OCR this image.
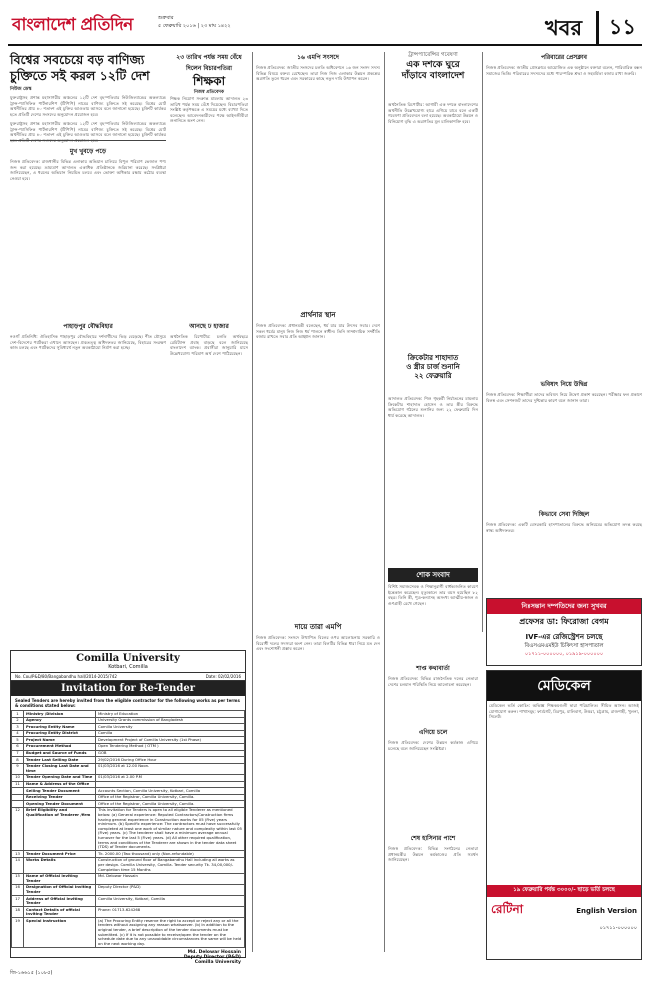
বাংলাদেশ প্রতিদিন	শুক্রবার
৫ ফেব্রুয়ারি ২০১৬ | ২৩ মাঘ ১৪২২	খবর	১১
বিশ্বের সবচেয়ে বড় বাণিজ্য
চুক্তিতে সই করল ১২টি দেশ
নিউজ ডেস্ক
যুক্তরাষ্ট্রসহ প্রশান্ত মহাসাগরীয় অঞ্চলের ১২টি দেশ বৃহস্পতিবার নিউজিল্যান্ডের অকল্যান্ডে ট্রান্স-প্যাসিফিক পার্টনারশিপ (টিপিপি) নামের বাণিজ্য চুক্তিতে সই করেছে। বিশ্বের মোট অর্থনীতির প্রায় ৪০ শতাংশ এই চুক্তির আওতায় আসবে বলে জানানো হয়েছে। চুক্তিটি কার্যকর হতে প্রতিটি দেশের সংসদের অনুমোদন প্রয়োজন হবে।
যুক্তরাষ্ট্রসহ প্রশান্ত মহাসাগরীয় অঞ্চলের ১২টি দেশ বৃহস্পতিবার নিউজিল্যান্ডের অকল্যান্ডে ট্রান্স-প্যাসিফিক পার্টনারশিপ (টিপিপি) নামের বাণিজ্য চুক্তিতে সই করেছে। বিশ্বের মোট অর্থনীতির প্রায় ৪০ শতাংশ এই চুক্তির আওতায় আসবে বলে জানানো হয়েছে। চুক্তিটি কার্যকর
২৩ তারিখ পর্যন্ত সময় বেঁধে দিলেন বিচারপতিরা
শিক্ষকা
নিজস্ব প্রতিবেদক
শিক্ষক নিয়োগ সংক্রান্ত মামলায় আদালত ২৩ তারিখ পর্যন্ত সময় বেঁধে দিয়েছেন। বিচারপতিরা সংশ্লিষ্ট কর্তৃপক্ষকে এ সময়ের মধ্যে ব্যাখ্যা দিতে বলেছেন। আবেদনকারীদের পক্ষে আইনজীবীরা শুনানিতে অংশ নেন।
মুখ খুবড়ে পড়ে
নিজস্ব প্রতিবেদক: রাজধানীর বিভিন্ন এলাকায় অভিযান চালিয়ে বিপুল পরিমাণ ভেজাল পণ্য জব্দ করা হয়েছে। ভ্রাম্যমাণ আদালত একাধিক প্রতিষ্ঠানকে জরিমানা করেছে। সংশ্লিষ্টরা জানিয়েছেন, এ ধরনের অভিযান নিয়মিত চলবে এবং ভোক্তা অধিকার রক্ষায় কঠোর ব্যবস্থা নেওয়া হবে।
পাহাড়পুর বৌদ্ধবিহার
নওগাঁ প্রতিনিধি: ঐতিহাসিক পাহাড়পুর বৌদ্ধবিহারে দর্শনার্থীদের ভিড় বেড়েছে। শীত মৌসুমে দেশ-বিদেশের পর্যটকরা এখানে আসছেন। প্রত্নতত্ত্ব অধিদফতর জানিয়েছে, বিহারের সংরক্ষণ কাজ চলছে এবং পর্যটকদের সুবিধার্থে নতুন অবকাঠামো নির্মাণ করা হচ্ছে।
আনছে ঢ হাজার
অর্থনৈতিক রিপোর্টার: চলতি অর্থবছরে রেমিট্যান্স প্রবাহ বাড়ছে বলে জানিয়েছে বাংলাদেশ ব্যাংক। প্রবাসীরা জানুয়ারি মাসে উল্লেখযোগ্য পরিমাণ অর্থ দেশে পাঠিয়েছেন।
১৬ এমপি সংসদে
নিজস্ব প্রতিবেদক: জাতীয় সংসদের চলতি অধিবেশনে ১৬ জন সংসদ সদস্য বিভিন্ন বিষয়ে বক্তব্য রেখেছেন। তারা নিজ নিজ এলাকার উন্নয়ন প্রকল্পের অগ্রগতি তুলে ধরেন এবং সরকারের কাছে নতুন দাবি উত্থাপন করেন।
প্রার্থনার স্থান
নিজস্ব প্রতিবেদক: প্রধানমন্ত্রী বলেছেন, ধর্ম যার যার উৎসব সবার। দেশে সকল ধর্মের মানুষ নিজ নিজ ধর্ম পালনে স্বাধীন। তিনি সাম্প্রদায়িক সম্প্রীতি বজায় রাখতে সবার প্রতি আহ্বান জানান।
দায়ে তারা এমপি
নিজস্ব প্রতিবেদক: সংসদে উত্থাপিত বিলের ওপর আলোচনায় সরকারি ও বিরোধী দলের সদস্যরা অংশ নেন। তারা বিলটির বিভিন্ন ধারা নিয়ে মত দেন এবং সংশোধনী প্রস্তাব করেন।
ট্রান্সপ্যারেন্সির গবেষণা
এক দশকে ঘুরে
দাঁড়াবে বাংলাদেশ
অর্থনৈতিক রিপোর্টার: আগামী এক দশকে বাংলাদেশের অর্থনীতি উল্লেখযোগ্য হারে এগিয়ে যাবে বলে একটি গবেষণা প্রতিবেদনে বলা হয়েছে। অবকাঠামো উন্নয়ন ও বিনিয়োগ বৃদ্ধি এ অগ্রগতির মূল চালিকাশক্তি হবে।
ক্রিকেটার শাহাদাত
ও স্ত্রীর চার্জ শুনানি
২২ ফেব্রুয়ারি
আদালত প্রতিবেদক: শিশু গৃহকর্মী নির্যাতনের মামলায় ক্রিকেটার শাহাদাত হোসেন ও তার স্ত্রীর বিরুদ্ধে অভিযোগ গঠনের শুনানির জন্য ২২ ফেব্রুয়ারি দিন ধার্য করেছে আদালত।
শোক সংবাদ
বিশিষ্ট সমাজসেবক ও শিক্ষানুরাগী বার্ধক্যজনিত কারণে ইন্তেকাল করেছেন। মৃত্যুকালে তার বয়স হয়েছিল ৮২ বছর। তিনি স্ত্রী, পুত্র-কন্যাসহ অসংখ্য আত্মীয়-স্বজন ও গুণগ্রাহী রেখে গেছেন।
শাপ্ত কথাবার্তা
নিজস্ব প্রতিবেদক: বিভিন্ন রাজনৈতিক দলের নেতারা দেশের চলমান পরিস্থিতি নিয়ে আলোচনা করেছেন।
এগিয়ে চলে
নিজস্ব প্রতিবেদক: দেশের উন্নয়ন কর্মকাণ্ড এগিয়ে চলেছে বলে জানিয়েছেন সংশ্লিষ্টরা।
শেষ হাসিনার পাশে
নিজস্ব প্রতিবেদক: বিভিন্ন সংগঠনের নেতারা প্রধানমন্ত্রীর উন্নয়ন কর্মকাণ্ডের প্রতি সমর্থন জানিয়েছেন।
পরিবারের প্রেসক্লাব
নিজস্ব প্রতিবেদক: জাতীয় প্রেসক্লাবে আয়োজিত এক অনুষ্ঠানে বক্তারা বলেন, পারিবারিক বন্ধন সমাজের ভিত্তি। পরিবারের সদস্যদের মধ্যে পারস্পরিক শ্রদ্ধা ও সহমর্মিতা বজায় রাখা জরুরি।
ভবিষ্যৎ নিয়ে উদ্বিগ্ন
নিজস্ব প্রতিবেদক: শিক্ষার্থীরা তাদের ভবিষ্যৎ নিয়ে উদ্বেগ প্রকাশ করেছেন। পরীক্ষার ফল প্রকাশে বিলম্ব এবং সেশনজট তাদের দুশ্চিন্তার কারণ বলে জানান তারা।
কিভাবে সেবা দিচ্ছিল
নিজস্ব প্রতিবেদক: একটি বেসরকারি হাসপাতালের বিরুদ্ধে অনিয়মের অভিযোগ তদন্ত করছে স্বাস্থ্য অধিদফতর।
নিঃসন্তান দম্পতিদের জন্য সুখবর
প্রফেসর ডা: ফিরোজা বেগম
IVF-এর রেজিস্ট্রেশন চলছে
বিএসএমএমইউ চিকিৎসা হাসপাতাল
০১৭১১-০০০০০০, ০১৯১৯-০০০০০০
মেডিকেল
মেডিকেল ভর্তি কোচিং: অভিজ্ঞ শিক্ষকমণ্ডলী দ্বারা পরিচালিত। সীমিত আসন। আজই যোগাযোগ করুন। শাখাসমূহ: ফার্মগেট, মিরপুর, মালিবাগ, উত্তরা, চট্টগ্রাম, রাজশাহী, খুলনা, সিলেট।
১৯ ফেব্রুয়ারি পর্যন্ত ৩০০০/- ছাড়ে ভর্তি চলছে
রেটিনা	English Version
০১৭১১-০০০০০০
Comilla University
Kotbari, Comilla
No. Cou/P&D/80/Bangabandhu hall/2014-2015/742	Date: 02/02/2016
Invitation for Re-Tender
Sealed Tenders are hereby invited from the eligible contractor for the following works as per terms & conditions stated below:
1	Ministry /Division	Ministry of Education
2	Agency	University Grants commission of Bangladesh
3	Procuring Entity Name	Comilla University
4	Procuring Entity District	Comilla
5	Project Name	Development Project of Comilla University (1st Phase)
6	Procurement Method	Open Tendering Method ( OTM )
7	Budget and Source of Funds	GOB
8	Tender Last Selling Date	29/02/2016 During Office Hour
9	Tender Closing Last Date and time	01/03/2016 at 12.00 Noon.
10	Tender Opening Date and Time	01/03/2016 at 2.00 P.M
11	Name & Address of the Office	
	Selling Tender Document	Accounts Section, Comilla University, Kotbari, Comilla
	Receiving Tender	Office of the Registrar, Comilla University, Comilla.
	Opening Tender Document	Office of the Registrar, Comilla University, Comilla.
12	Brief Eligibility and Qualification of Tenderer /firm	This invitation for Tenders is open to all eligible Tenderer as mentioned below: (a) General experience: Reputed Contractors/Construction firms having general experience in Construction works for 05 (Five) years minimum. (b) Specific experience: The contractors must have successfully completed at least one work of similar nature and complexity within last 05 (Five) years. (c) The tenderer shall have a minimum average annual turnover for the last 5 (Five) years. (d) All other required qualification, terms and conditions of the Tenderer are shown in the tender data sheet (TDS) of Tender documents.
13	Tender Document Price	Tk. 2000.00 (Two thousand) only (Non-refundable)
14	Works Details	Construction of ground floor of Bangabandhu Hall including all works as per design. Comilla University, Comilla. Tender security Tk. 34,00,000/- Completion time 15 Months
15	Name of Official Inviting Tender	Md. Delowar Hossain
16	Designation of Official Inviting Tender	Deputy Director (P&D)
17	Address of Official Inviting Tender	Comilla University, Kotbari, Comilla
18	Contact Details of official Inviting Tender	Phone: 01713-624268
19	Special Instruction	(a) The Procuring Entity reserve the right to accept or reject any or all the tenders without assigning any reason whatsoever. (b) In addition to the original tender, a brief description of the tender documents must be submitted. (c) If it is not possible to receive/open the tender on the schedule date due to any unavoidable circumstances the same will be held on the next working day.
Md. Delowar Hossain
Deputy Director (P&D)
Comilla University
জি-১৬৬১৫ (১০৮৫)
